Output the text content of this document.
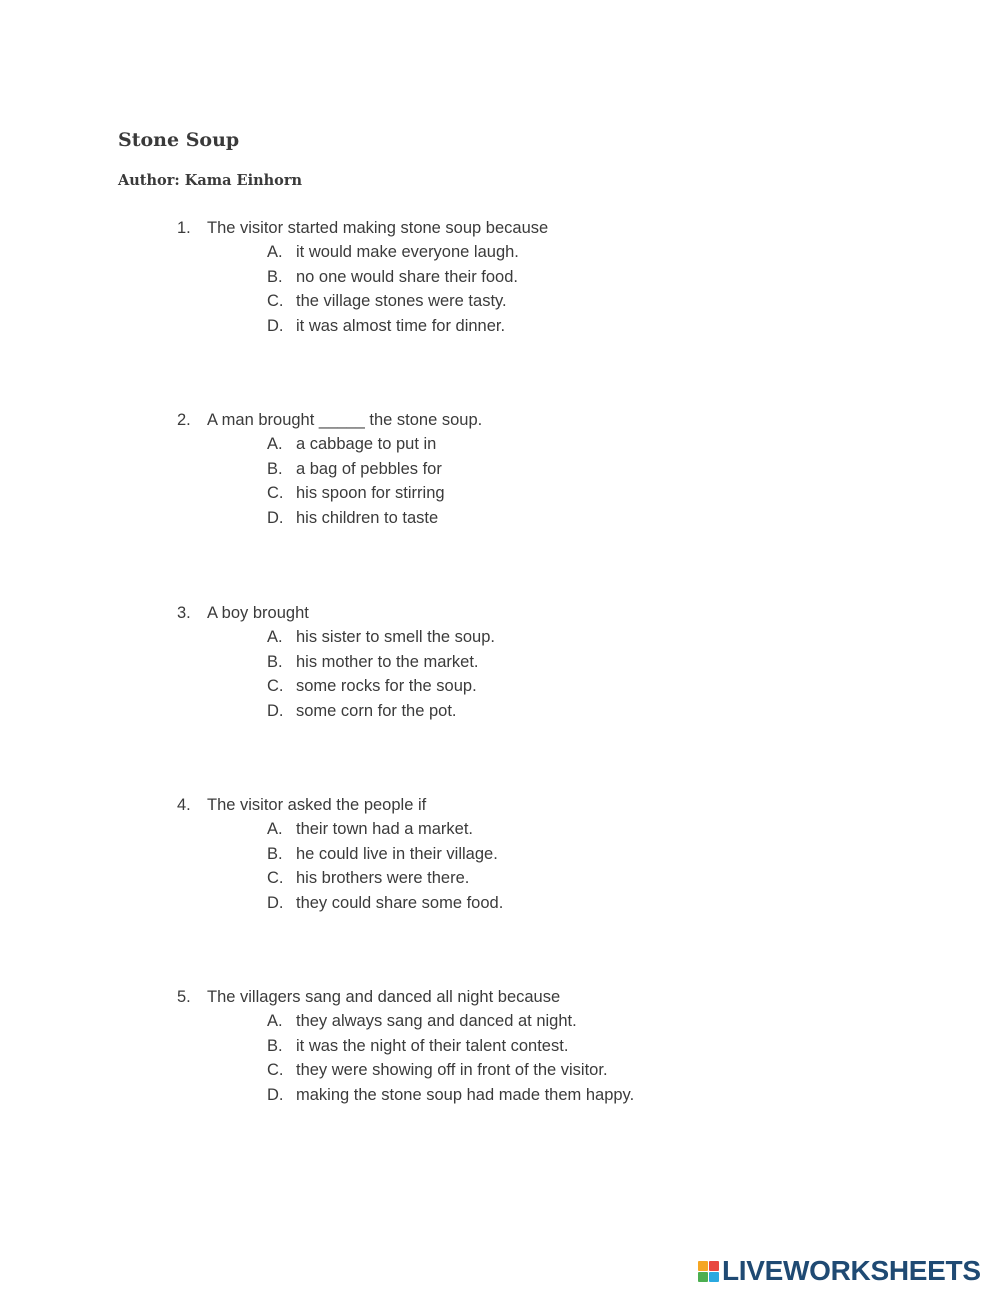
Stone Soup
Author: Kama Einhorn
1. The visitor started making stone soup because
A. it would make everyone laugh.
B. no one would share their food.
C. the village stones were tasty.
D. it was almost time for dinner.
2. A man brought _____ the stone soup.
A. a cabbage to put in
B. a bag of pebbles for
C. his spoon for stirring
D. his children to taste
3. A boy brought
A. his sister to smell the soup.
B. his mother to the market.
C. some rocks for the soup.
D. some corn for the pot.
4. The visitor asked the people if
A. their town had a market.
B. he could live in their village.
C. his brothers were there.
D. they could share some food.
5. The villagers sang and danced all night because
A. they always sang and danced at night.
B. it was the night of their talent contest.
C. they were showing off in front of the visitor.
D. making the stone soup had made them happy.
LIVEWORKSHEETS
